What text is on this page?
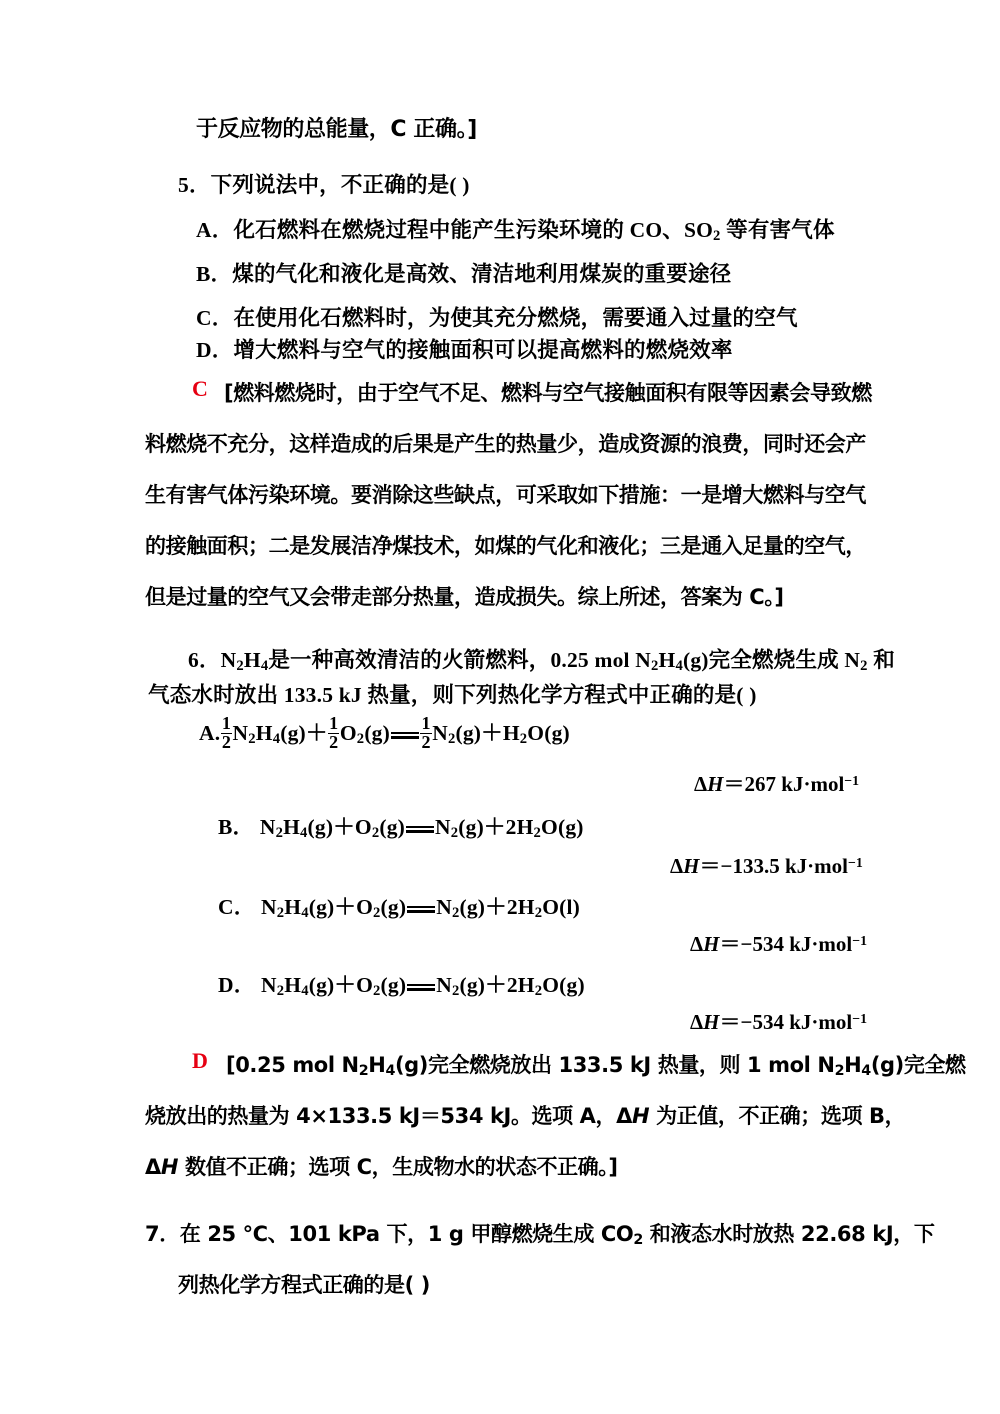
于反应物的总能量，C 正确。]
5．下列说法中，不正确的是( )
A．化石燃料在燃烧过程中能产生污染环境的 CO、$SO_2$ 等有害气体
B．煤的气化和液化是高效、清洁地利用煤炭的重要途径
C．在使用化石燃料时，为使其充分燃烧，需要通入过量的空气
D．增大燃料与空气的接触面积可以提高燃料的燃烧效率
C [燃料燃烧时，由于空气不足、燃料与空气接触面积有限等因素会导致燃
料燃烧不充分，这样造成的后果是产生的热量少，造成资源的浪费，同时还会产
生有害气体污染环境。要消除这些缺点，可采取如下措施：一是增大燃料与空气
的接触面积；二是发展洁净煤技术，如煤的气化和液化；三是通入足量的空气，
但是过量的空气又会带走部分热量，造成损失。综上所述，答案为 C。]
6．$N_2H_4$是一种高效清洁的火箭燃料，0.25 mol $N_2H_4(g)$完全燃烧生成 $N_2$ 和
气态水时放出 133.5 kJ 热量，则下列热化学方程式中正确的是( )
A. $\frac{1}{2} N_2H_4(g)+ \frac{1}{2} O_2(g) \frac{1}{2} N_2(g)+H_2O(g)$
ΔH＝267 kJ·mol$^{-1}$
B． $N_2H_4(g)+O_2(g)$ $N_2(g)+2H_2O(g)$
ΔH＝−133.5 kJ·mol$^{-1}$
C． $N_2H_4(g)+O_2(g)$ $N_2(g)+2H_2O(l)$
ΔH＝−534 kJ·mol$^{-1}$
D． $N_2H_4(g)+O_2(g)$ $N_2(g)+2H_2O(g)$
ΔH＝−534 kJ·mol$^{-1}$
D [0.25 mol $N_2H_4(g)$完全燃烧放出 133.5 kJ 热量，则 1 mol $N_2H_4(g)$完全燃
烧放出的热量为 4×133.5 kJ＝534 kJ。选项 A，ΔH 为正值，不正确；选项 B，
ΔH 数值不正确；选项 C，生成物水的状态不正确。]
7．在 25 ℃、101 kPa 下，1 g 甲醇燃烧生成 $CO_2$ 和液态水时放热 22.68 kJ，下
列热化学方程式正确的是( )
